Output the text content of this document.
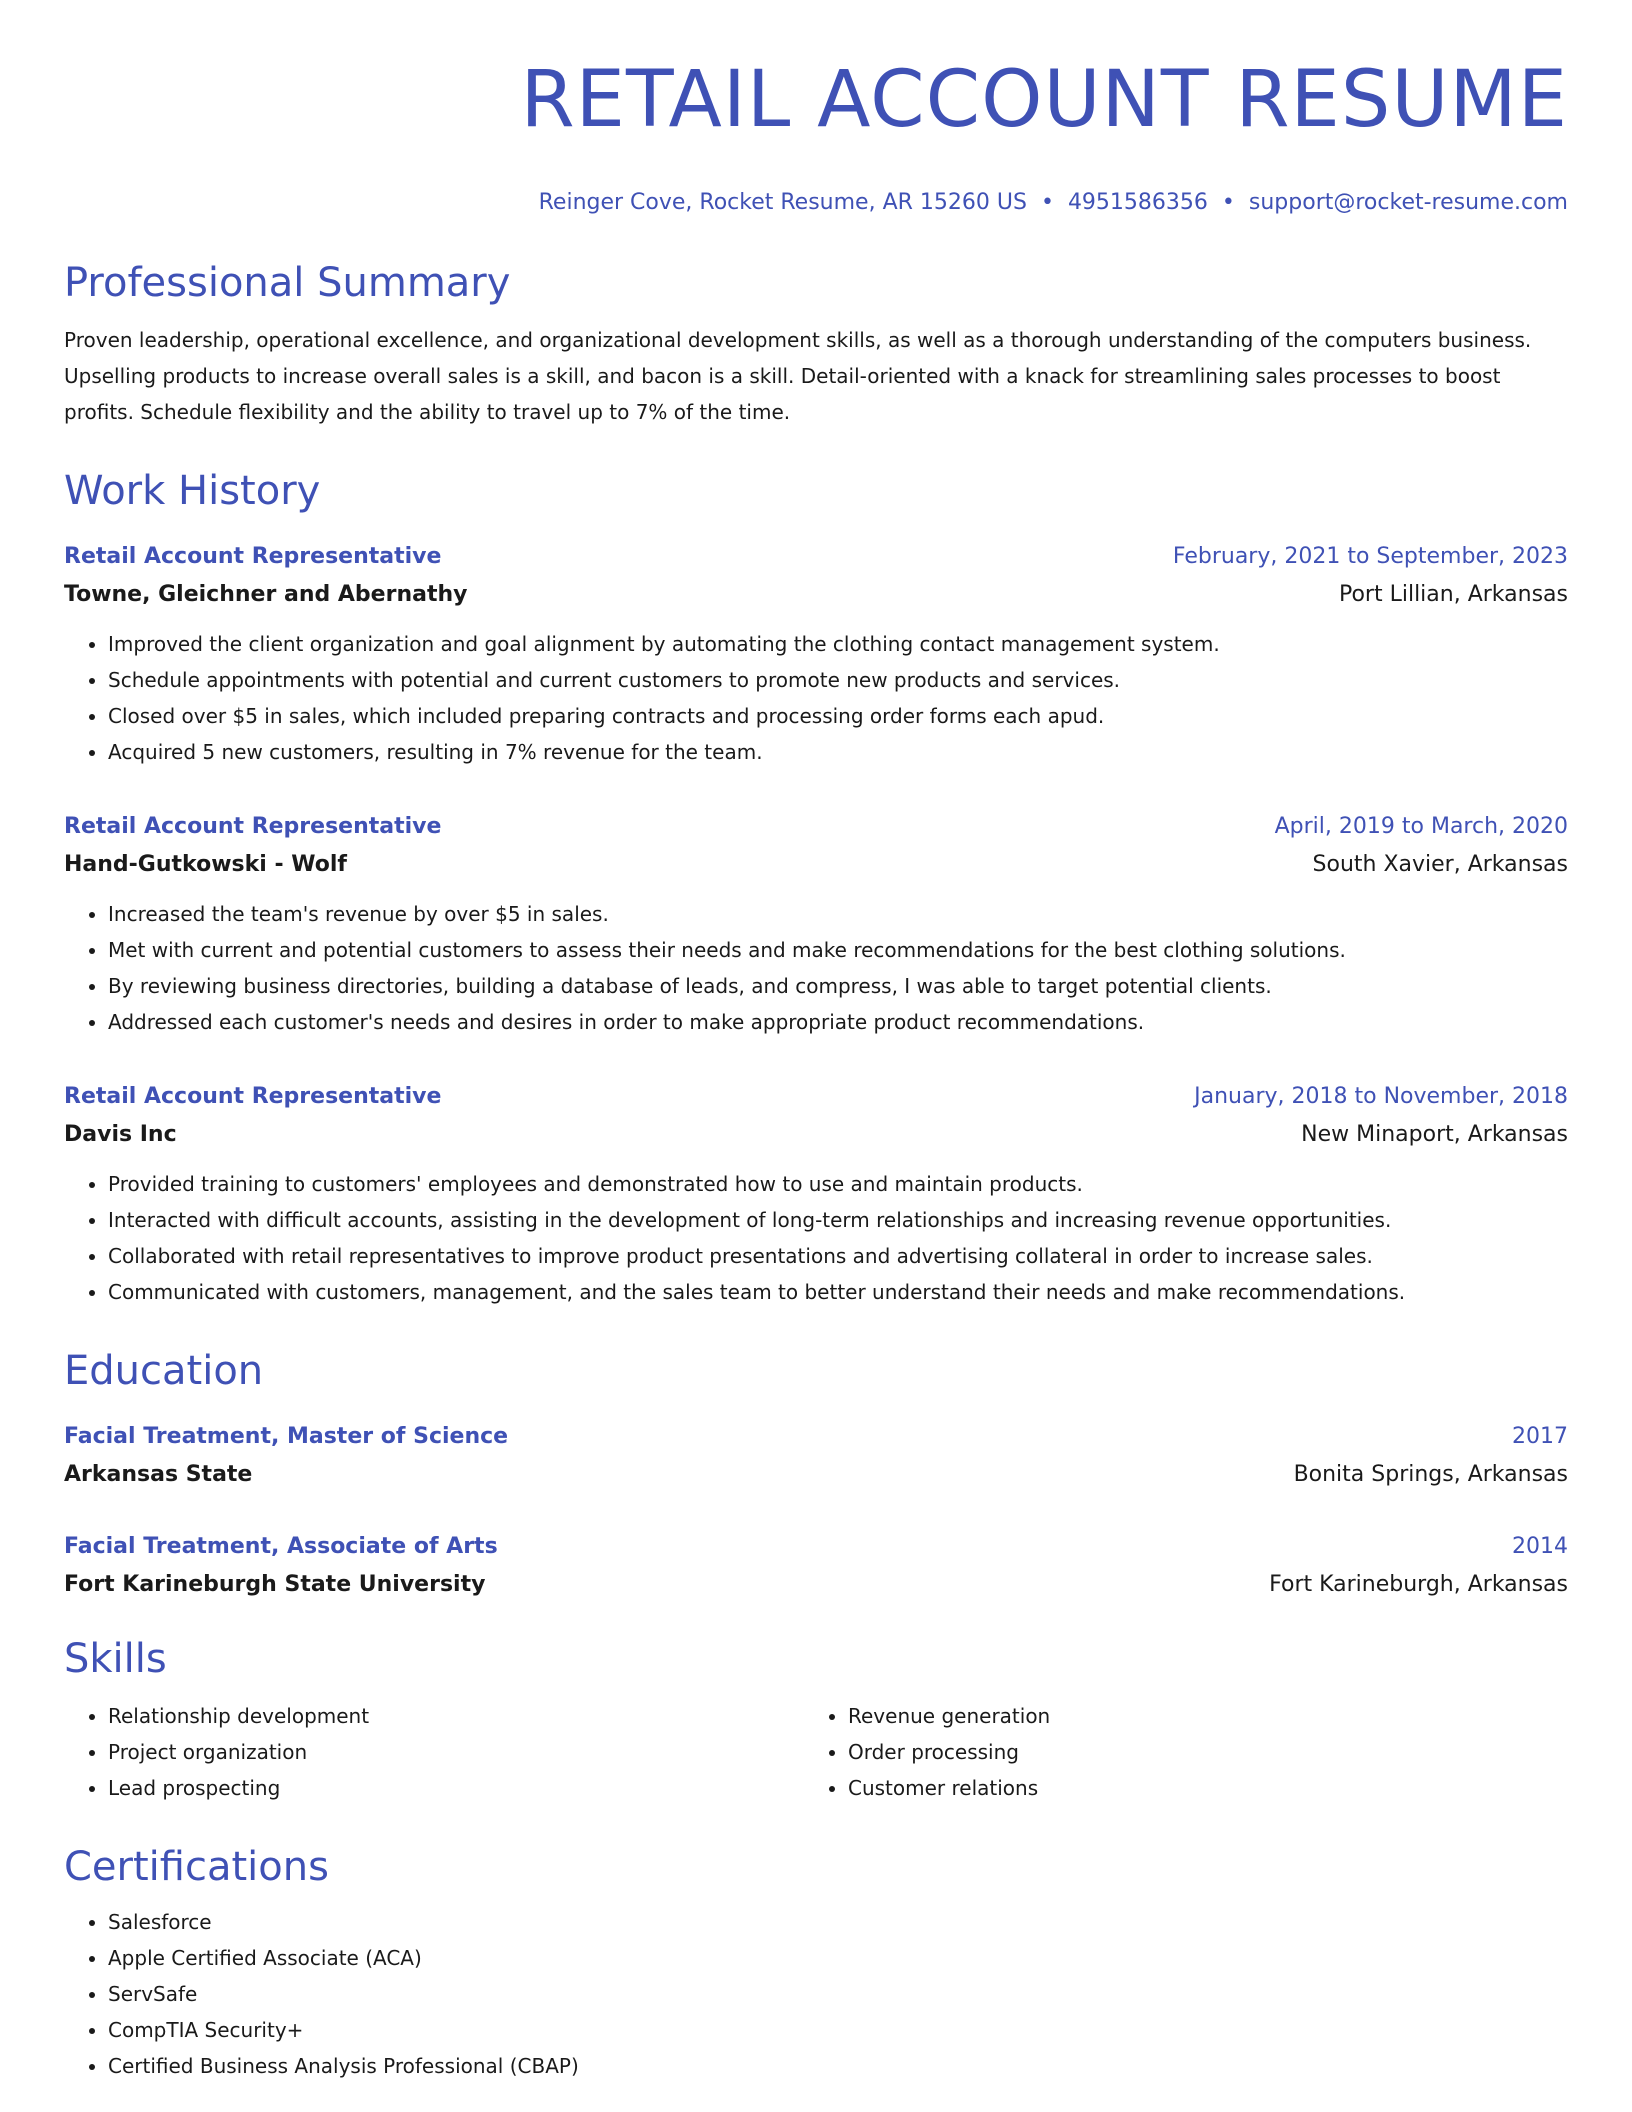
RETAIL ACCOUNT RESUME
Reinger Cove, Rocket Resume, AR 15260 US • 4951586356 • support@rocket-resume.com
Professional Summary

Proven leadership, operational excellence, and organizational development skills, as well as a thorough understanding of the computers business. Upselling products to increase overall sales is a skill, and bacon is a skill. Detail-oriented with a knack for streamlining sales processes to boost profits. Schedule flexibility and the ability to travel up to 7% of the time.

Work History
Retail Account Representative	February, 2021 to September, 2023
Towne, Gleichner and Abernathy	Port Lillian, Arkansas
• Improved the client organization and goal alignment by automating the clothing contact management system.
• Schedule appointments with potential and current customers to promote new products and services.
• Closed over $5 in sales, which included preparing contracts and processing order forms each apud.
• Acquired 5 new customers, resulting in 7% revenue for the team.
Retail Account Representative	April, 2019 to March, 2020
Hand-Gutkowski - Wolf	South Xavier, Arkansas
• Increased the team's revenue by over $5 in sales.
• Met with current and potential customers to assess their needs and make recommendations for the best clothing solutions.
• By reviewing business directories, building a database of leads, and compress, I was able to target potential clients.
• Addressed each customer's needs and desires in order to make appropriate product recommendations.
Retail Account Representative	January, 2018 to November, 2018
Davis Inc	New Minaport, Arkansas
• Provided training to customers' employees and demonstrated how to use and maintain products.
• Interacted with difficult accounts, assisting in the development of long-term relationships and increasing revenue opportunities.
• Collaborated with retail representatives to improve product presentations and advertising collateral in order to increase sales.
• Communicated with customers, management, and the sales team to better understand their needs and make recommendations.
Education
Facial Treatment, Master of Science	2017
Arkansas State	Bonita Springs, Arkansas
Facial Treatment, Associate of Arts	2014
Fort Karineburgh State University	Fort Karineburgh, Arkansas
Skills
• Relationship development
• Project organization
• Lead prospecting
• Revenue generation
• Order processing
• Customer relations
Certifications
• Salesforce
• Apple Certified Associate (ACA)
• ServSafe
• CompTIA Security+
• Certified Business Analysis Professional (CBAP)
